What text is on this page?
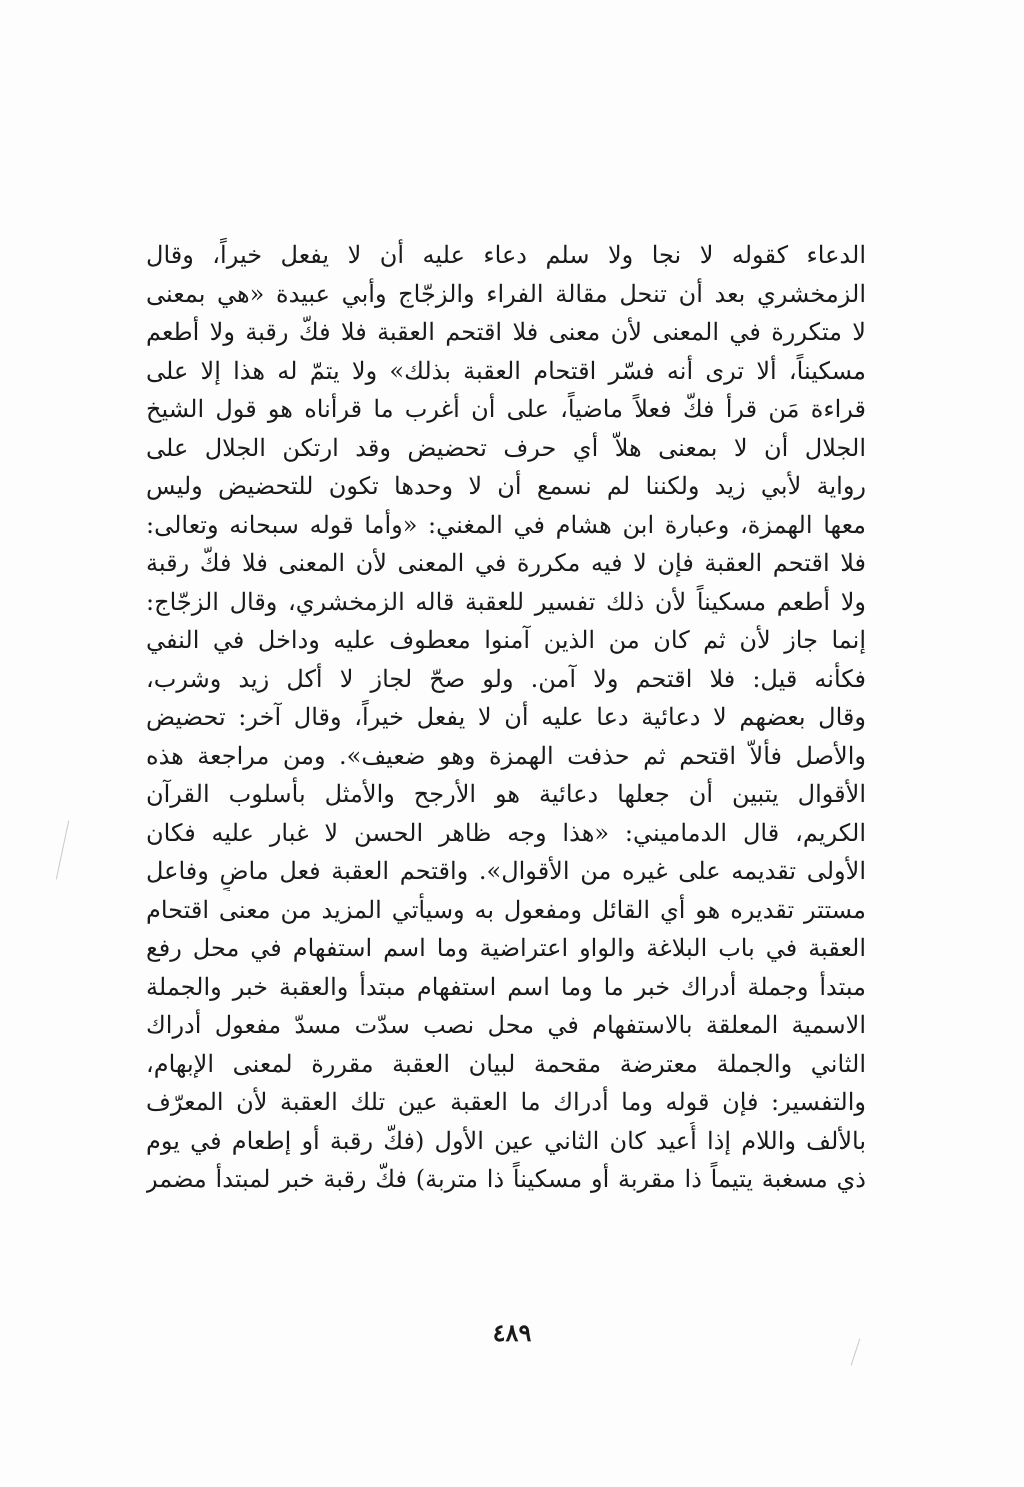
الدعاء كقوله لا نجا ولا سلم دعاء عليه أن لا يفعل خيراً، وقال
الزمخشري بعد أن تنحل مقالة الفراء والزجّاج وأبي عبيدة «هي بمعنى
لا متكررة في المعنى لأن معنى فلا اقتحم العقبة فلا فكّ رقبة ولا أطعم
مسكيناً، ألا ترى أنه فسّر اقتحام العقبة بذلك» ولا يتمّ له هذا إلا على
قراءة مَن قرأ فكّ فعلاً ماضياً، على أن أغرب ما قرأناه هو قول الشيخ
الجلال أن لا بمعنى هلاّ أي حرف تحضيض وقد ارتكن الجلال على
رواية لأبي زيد ولكننا لم نسمع أن لا وحدها تكون للتحضيض وليس
معها الهمزة، وعبارة ابن هشام في المغني: «وأما قوله سبحانه وتعالى:
فلا اقتحم العقبة فإن لا فيه مكررة في المعنى لأن المعنى فلا فكّ رقبة
ولا أطعم مسكيناً لأن ذلك تفسير للعقبة قاله الزمخشري، وقال الزجّاج:
إنما جاز لأن ثم كان من الذين آمنوا معطوف عليه وداخل في النفي
فكأنه قيل: فلا اقتحم ولا آمن. ولو صحّ لجاز لا أكل زيد وشرب،
وقال بعضهم لا دعائية دعا عليه أن لا يفعل خيراً، وقال آخر: تحضيض
والأصل فألاّ اقتحم ثم حذفت الهمزة وهو ضعيف». ومن مراجعة هذه
الأقوال يتبين أن جعلها دعائية هو الأرجح والأمثل بأسلوب القرآن
الكريم، قال الدماميني: «هذا وجه ظاهر الحسن لا غبار عليه فكان
الأولى تقديمه على غيره من الأقوال». واقتحم العقبة فعل ماضٍ وفاعل
مستتر تقديره هو أي القائل ومفعول به وسيأتي المزيد من معنى اقتحام
العقبة في باب البلاغة والواو اعتراضية وما اسم استفهام في محل رفع
مبتدأ وجملة أدراك خبر ما وما اسم استفهام مبتدأ والعقبة خبر والجملة
الاسمية المعلقة بالاستفهام في محل نصب سدّت مسدّ مفعول أدراك
الثاني والجملة معترضة مقحمة لبيان العقبة مقررة لمعنى الإبهام،
والتفسير: فإن قوله وما أدراك ما العقبة عين تلك العقبة لأن المعرّف
بالألف واللام إذا أُعيد كان الثاني عين الأول (فكّ رقبة أو إطعام في يوم
ذي مسغبة يتيماً ذا مقربة أو مسكيناً ذا متربة) فكّ رقبة خبر لمبتدأ مضمر
٤٨٩
